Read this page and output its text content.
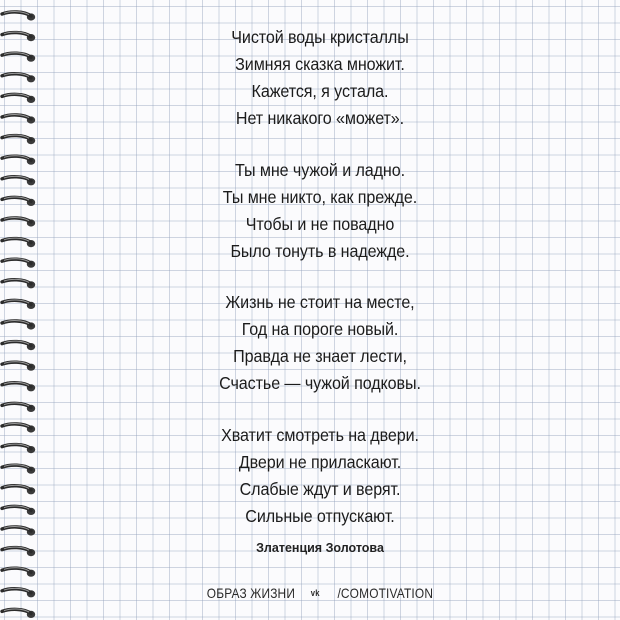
Чистой воды кристаллы
Зимняя сказка множит.
Кажется, я устала.
Нет никакого «может».
Ты мне чужой и ладно.
Ты мне никто, как прежде.
Чтобы и не повадно
Было тонуть в надежде.
Жизнь не стоит на месте,
Год на пороге новый.
Правда не знает лести,
Счастье — чужой подковы.
Хватит смотреть на двери.
Двери не приласкают.
Слабые ждут и верят.
Сильные отпускают.
Златенция Золотова
ОБРАЗ ЖИЗНИ vk /COMOTIVATION
